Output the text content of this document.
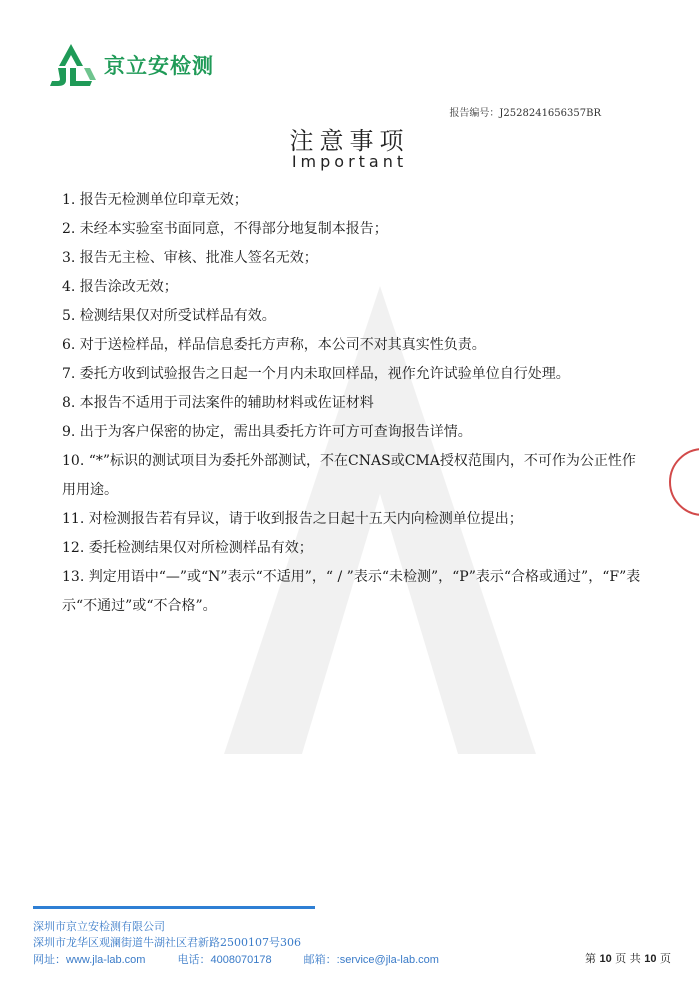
京立安检测
报告编号：J2528241656357BR
注意事项
Important

1. 报告无检测单位印章无效；

2. 未经本实验室书面同意，不得部分地复制本报告；

3. 报告无主检、审核、批准人签名无效；

4. 报告涂改无效；

5. 检测结果仅对所受试样品有效。

6. 对于送检样品，样品信息委托方声称，本公司不对其真实性负责。

7. 委托方收到试验报告之日起一个月内未取回样品，视作允许试验单位自行处理。

8. 本报告不适用于司法案件的辅助材料或佐证材料

9. 出于为客户保密的协定，需出具委托方许可方可查询报告详情。

10. “*”标识的测试项目为委托外部测试，不在CNAS或CMA授权范围内，不可作为公正性作用用途。

11. 对检测报告若有异议，请于收到报告之日起十五天内向检测单位提出；

12. 委托检测结果仅对所检测样品有效；

13. 判定用语中“—”或“N”表示“不适用”，“ / ”表示“未检测”，“P”表示“合格或通过”，“F”表示“不通过”或“不合格”。

深圳市京立安检测有限公司
深圳市龙华区观澜街道牛湖社区君新路2500107号306
网址：www.jla-lab.com	电话：4008070178	邮箱：:service@jla-lab.com	第 10 页 共 10 页
